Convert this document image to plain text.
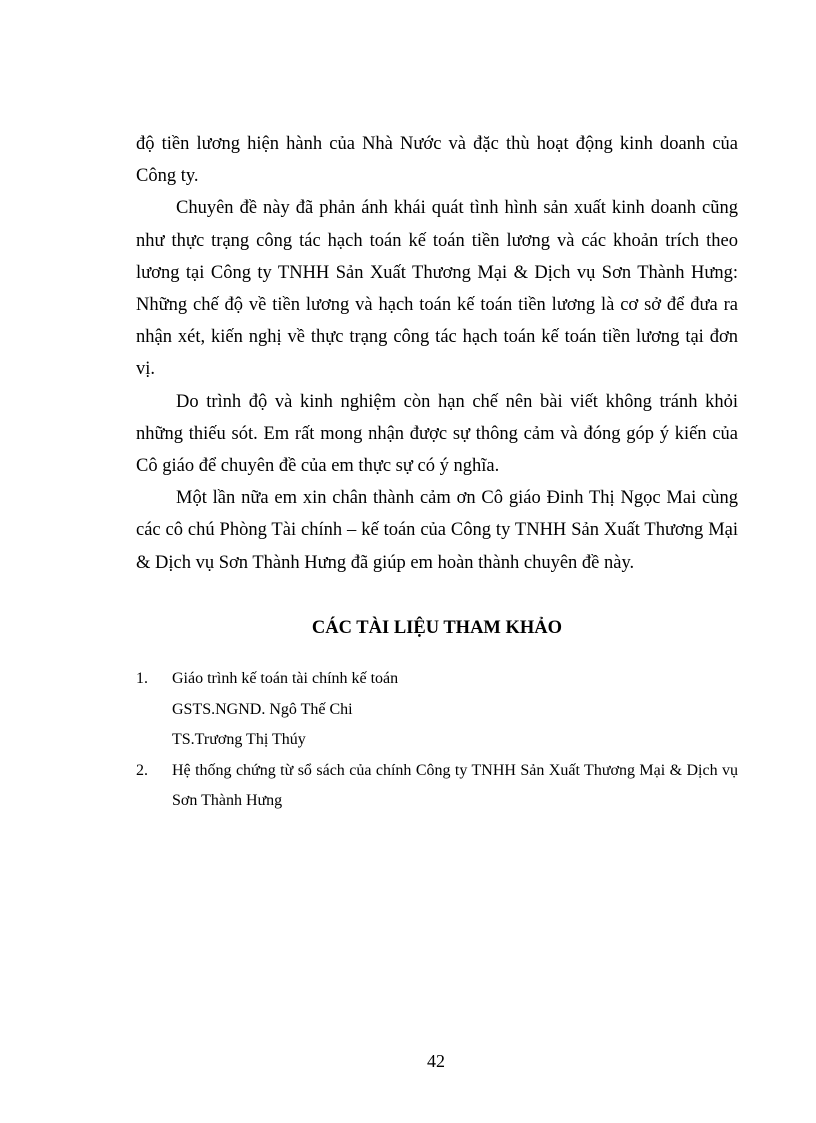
độ tiền lương hiện hành của Nhà Nước và đặc thù hoạt động kinh doanh của Công ty.

Chuyên đề này đã phản ánh khái quát tình hình sản xuất kinh doanh cũng như thực trạng công tác hạch toán kế toán tiền lương và các khoản trích theo lương tại Công ty TNHH Sản Xuất Thương Mại & Dịch vụ Sơn Thành Hưng: Những chế độ về tiền lương và hạch toán kế toán tiền lương là cơ sở để đưa ra nhận xét, kiến nghị về thực trạng công tác hạch toán kế toán tiền lương tại đơn vị.

Do trình độ và kinh nghiệm còn hạn chế nên bài viết không tránh khỏi những thiếu sót. Em rất mong nhận được sự thông cảm và đóng góp ý kiến của Cô giáo để chuyên đề của em thực sự có ý nghĩa.

Một lần nữa em xin chân thành cảm ơn Cô giáo Đinh Thị Ngọc Mai cùng các cô chú Phòng Tài chính – kế toán của Công ty TNHH Sản Xuất Thương Mại & Dịch vụ Sơn Thành Hưng đã giúp em hoàn thành chuyên đề này.

CÁC TÀI LIỆU THAM KHẢO
1.	Giáo trình kế toán tài chính kế toán
GSTS.NGND. Ngô Thế Chi
TS.Trương Thị Thúy
2.	Hệ thống chứng từ sổ sách của chính Công ty TNHH Sản Xuất Thương Mại & Dịch vụ Sơn Thành Hưng
42
